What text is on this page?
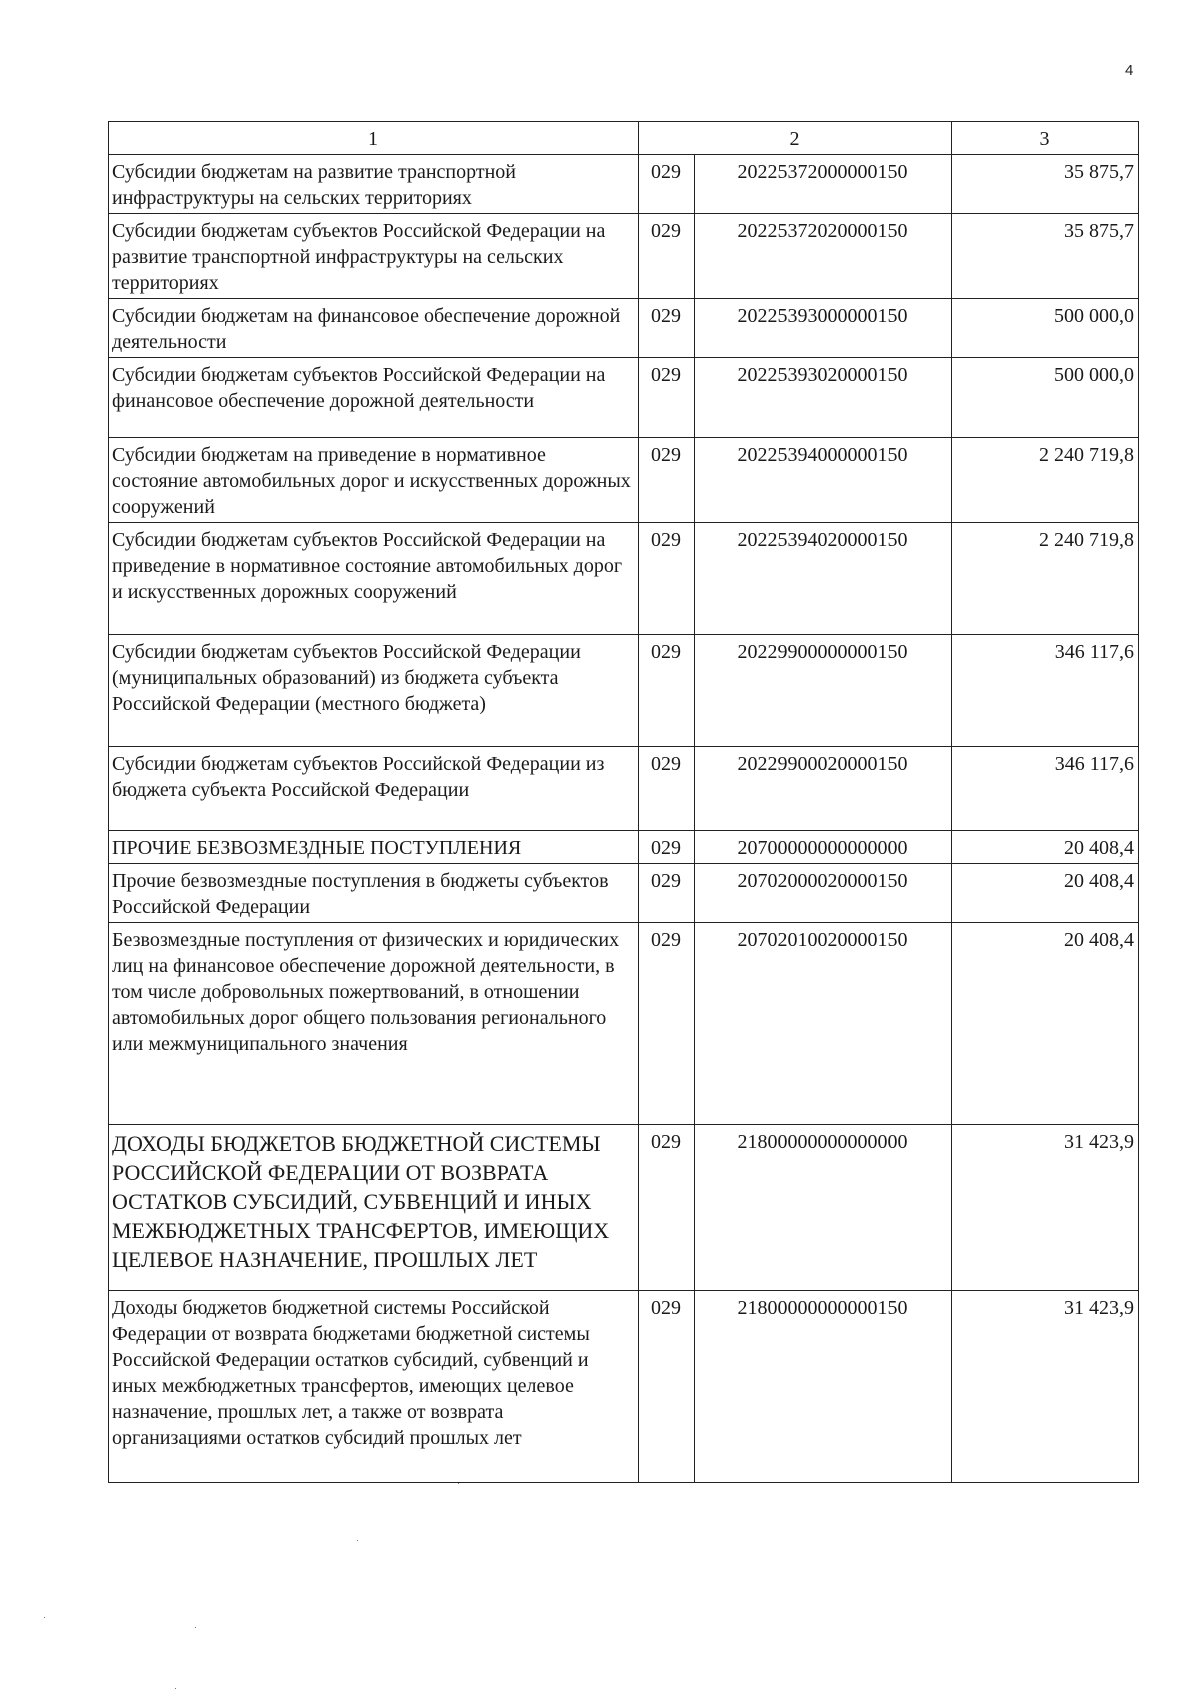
4
1	2		3
Субсидии бюджетам на развитие транспортной инфраструктуры на сельских территориях	029	20225372000000150	35 875,7
Субсидии бюджетам субъектов Российской Федерации на развитие транспортной инфраструктуры на сельских территориях	029	20225372020000150	35 875,7
Субсидии бюджетам на финансовое обеспечение дорожной деятельности	029	20225393000000150	500 000,0
Субсидии бюджетам субъектов Российской Федерации на финансовое обеспечение дорожной деятельности	029	20225393020000150	500 000,0
Субсидии бюджетам на приведение в нормативное состояние автомобильных дорог и искусственных дорожных сооружений	029	20225394000000150	2 240 719,8
Субсидии бюджетам субъектов Российской Федерации на приведение в нормативное состояние автомобильных дорог и искусственных дорожных сооружений	029	20225394020000150	2 240 719,8
Субсидии бюджетам субъектов Российской Федерации (муниципальных образований) из бюджета субъекта Российской Федерации (местного бюджета)	029	20229900000000150	346 117,6
Субсидии бюджетам субъектов Российской Федерации из бюджета субъекта Российской Федерации	029	20229900020000150	346 117,6
ПРОЧИЕ БЕЗВОЗМЕЗДНЫЕ ПОСТУПЛЕНИЯ	029	20700000000000000	20 408,4
Прочие безвозмездные поступления в бюджеты субъектов Российской Федерации	029	20702000020000150	20 408,4
Безвозмездные поступления от физических и юридических лиц на финансовое обеспечение дорожной деятельности, в том числе добровольных пожертвований, в отношении автомобильных дорог общего пользования регионального или межмуниципального значения	029	20702010020000150	20 408,4
ДОХОДЫ БЮДЖЕТОВ БЮДЖЕТНОЙ СИСТЕМЫ РОССИЙСКОЙ ФЕДЕРАЦИИ ОТ ВОЗВРАТА ОСТАТКОВ СУБСИДИЙ, СУБВЕНЦИЙ И ИНЫХ МЕЖБЮДЖЕТНЫХ ТРАНСФЕРТОВ, ИМЕЮЩИХ ЦЕЛЕВОЕ НАЗНАЧЕНИЕ, ПРОШЛЫХ ЛЕТ	029	21800000000000000	31 423,9
Доходы бюджетов бюджетной системы Российской Федерации от возврата бюджетами бюджетной системы Российской Федерации остатков субсидий, субвенций и иных межбюджетных трансфертов, имеющих целевое назначение, прошлых лет, а также от возврата организациями остатков субсидий прошлых лет	029	21800000000000150	31 423,9
